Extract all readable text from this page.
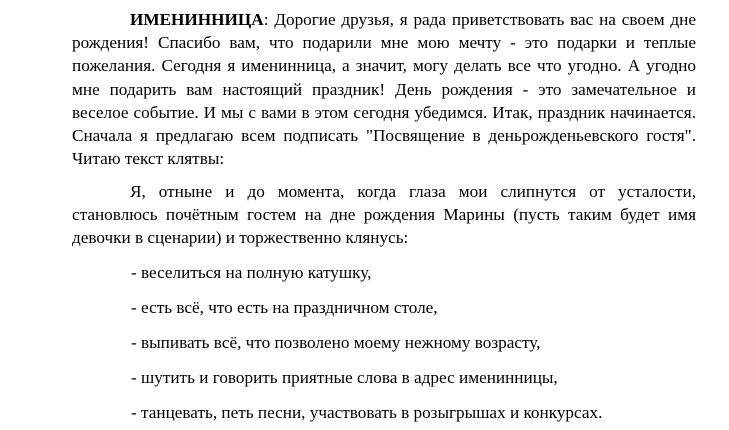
ИМЕНИННИЦА: Дорогие друзья, я рада приветствовать вас на своем дне рождения! Спасибо вам, что подарили мне мою мечту - это подарки и теплые пожелания. Сегодня я именинница, а значит, могу делать все что угодно. А угодно мне подарить вам настоящий праздник! День рождения - это замечательное и веселое событие. И мы с вами в этом сегодня убедимся. Итак, праздник начинается. Сначала я предлагаю всем подписать "Посвящение в деньрожденьевского гостя". Читаю текст клятвы:

Я, отныне и до момента, когда глаза мои слипнутся от усталости, становлюсь почётным гостем на дне рождения Марины (пусть таким будет имя девочки в сценарии) и торжественно клянусь:

- веселиться на полную катушку,

- есть всё, что есть на праздничном столе,

- выпивать всё, что позволено моему нежному возрасту,

- шутить и говорить приятные слова в адрес именинницы,

- танцевать, петь песни, участвовать в розыгрышах и конкурсах.
